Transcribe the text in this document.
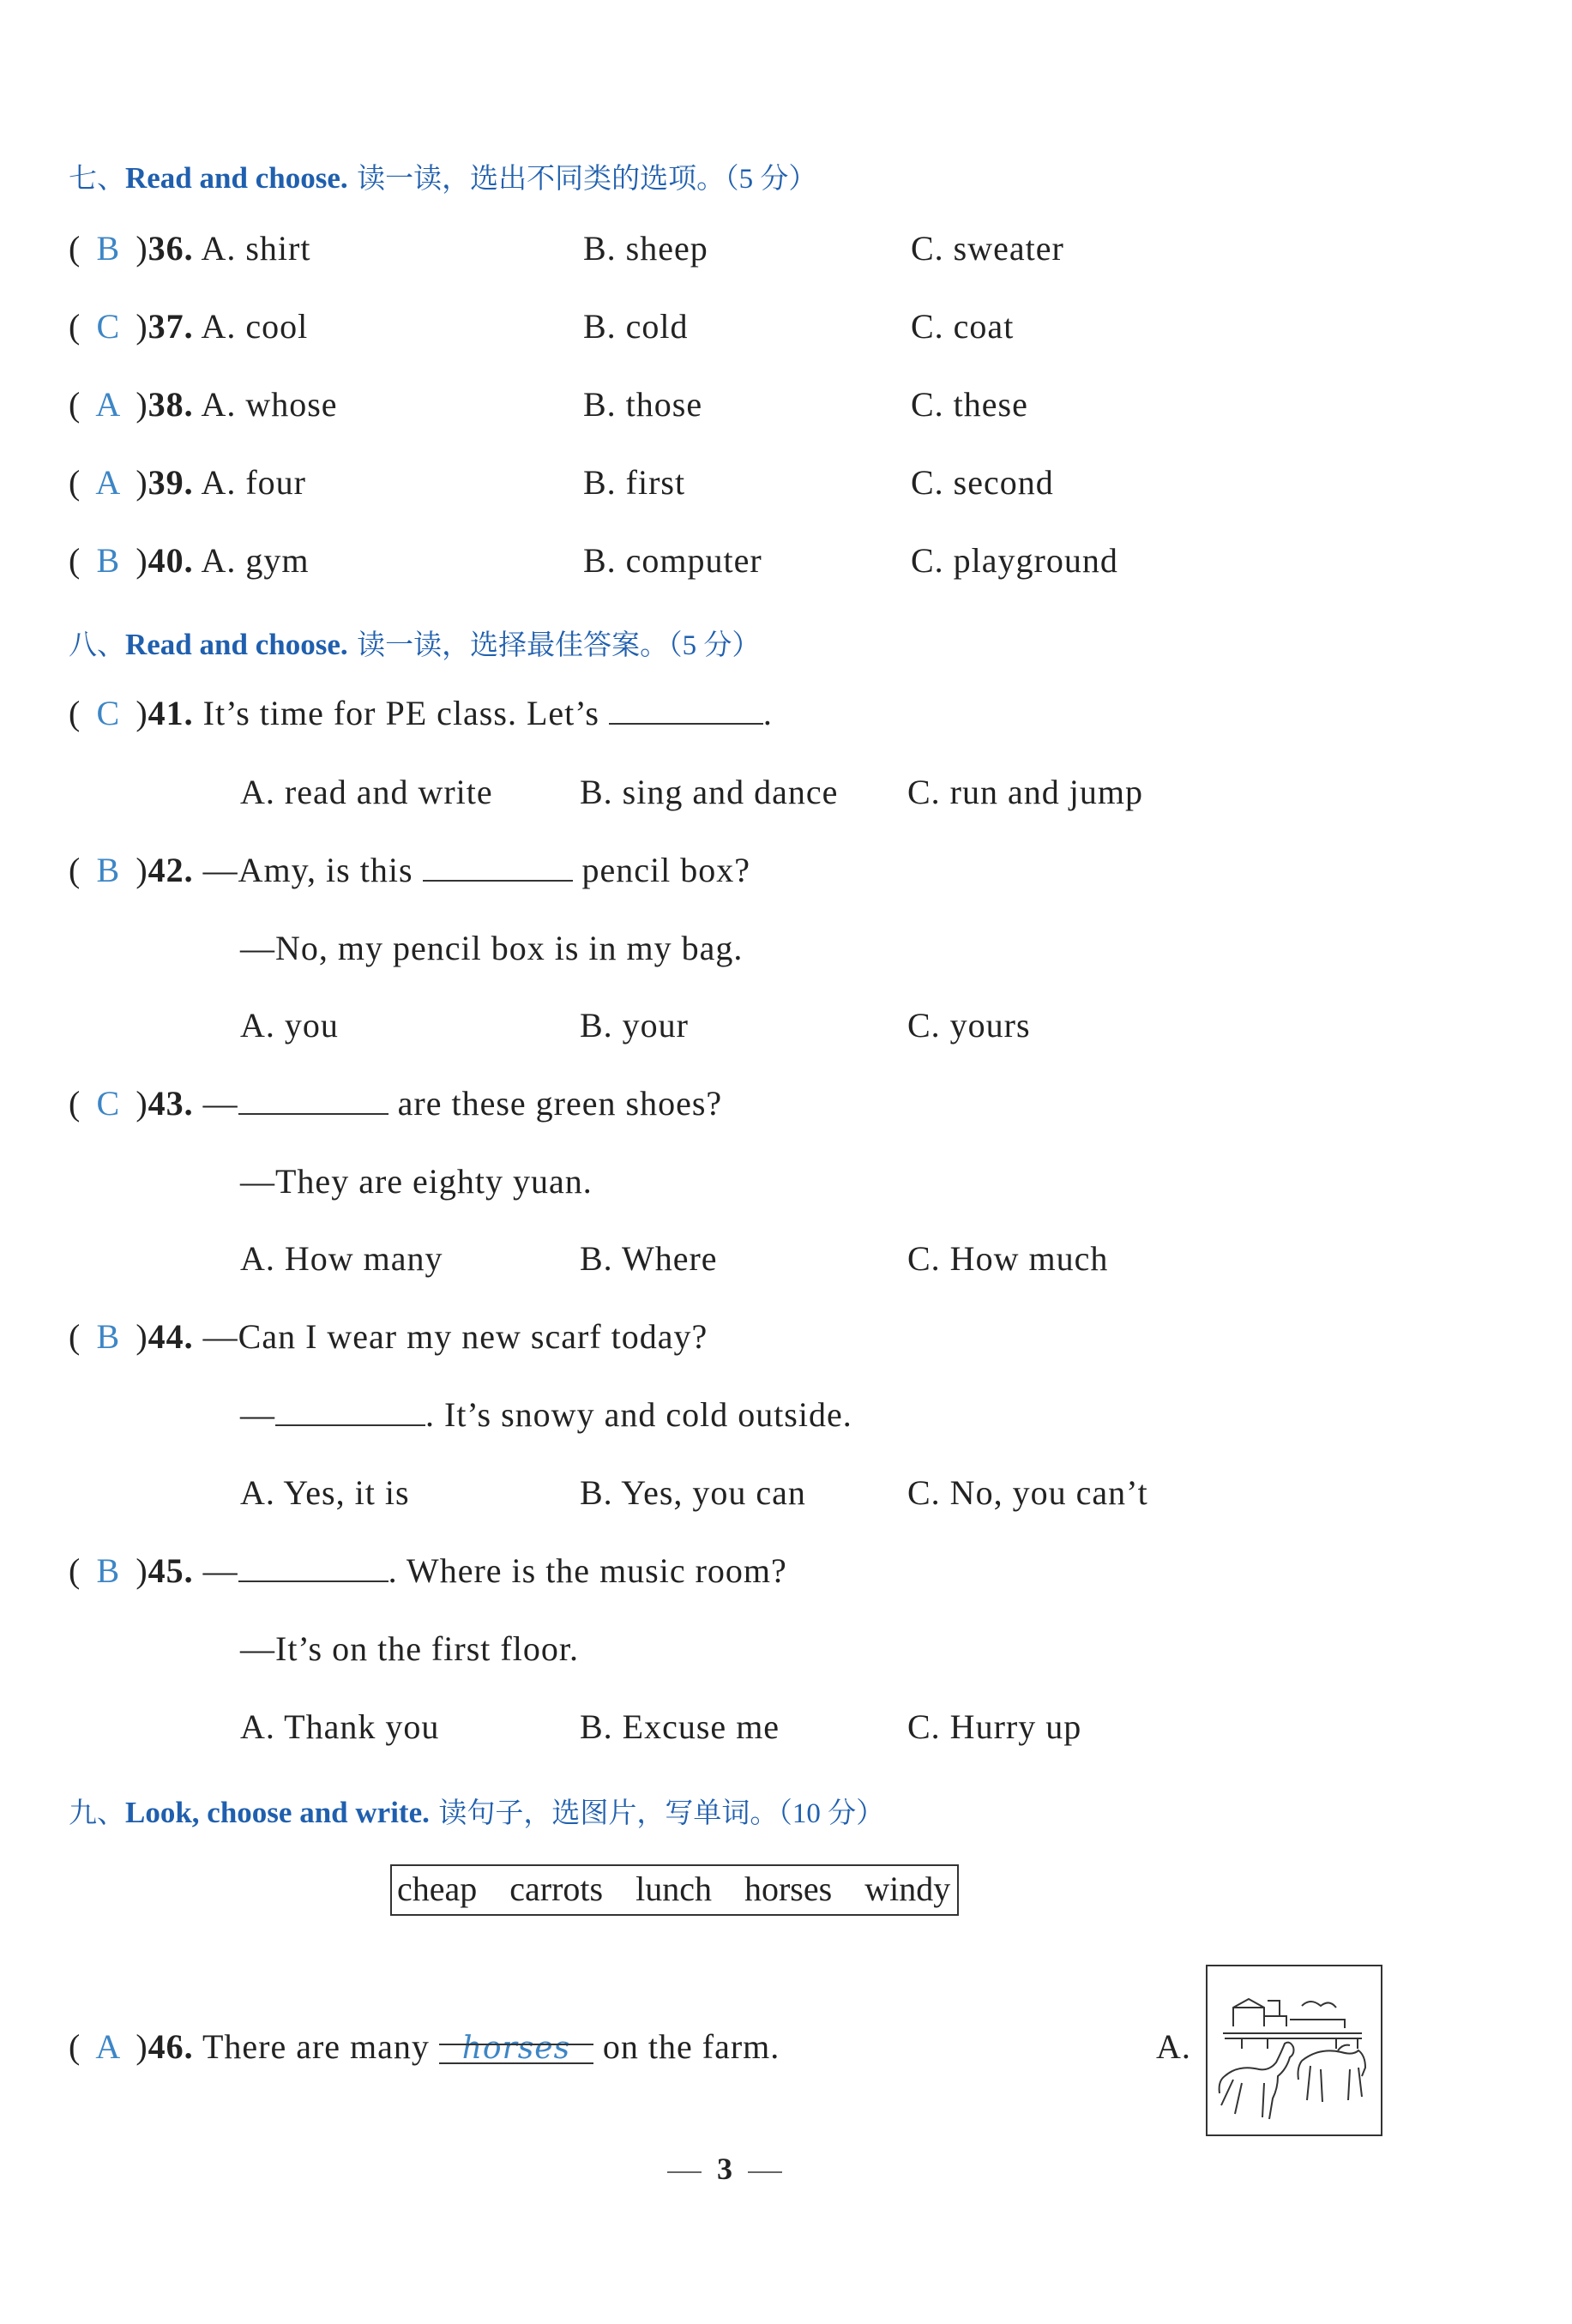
七、Read and choose. 读一读，选出不同类的选项。（5 分）
( B )36. A. shirt	B. sheep	C. sweater
( C )37. A. cool	B. cold	C. coat
( A )38. A. whose	B. those	C. these
( A )39. A. four	B. first	C. second
( B )40. A. gym	B. computer	C. playground
八、Read and choose. 读一读，选择最佳答案。（5 分）
( C )41. It’s time for PE class. Let’s	.
A. read and write	B. sing and dance C. run and jump
( B )42. —Amy, is this	pencil box?
—No, my pencil box is in my bag.
A. you	B. your	C. yours
( C )43. —	are these green shoes?
—They are eighty yuan.
A. How many	B. Where	C. How much
( B )44. —Can I wear my new scarf today?
—	. It’s snowy and cold outside.
A. Yes, it is	B. Yes, you can	C. No, you can’t
( B )45. —	. Where is the music room?
—It’s on the first floor.
A. Thank you	B. Excuse me	C. Hurry up
九、Look, choose and write. 读句子，选图片，写单词。（10 分）
cheap carrots lunch horses windy
( A )46. There are many horses on the farm.	A.
3
